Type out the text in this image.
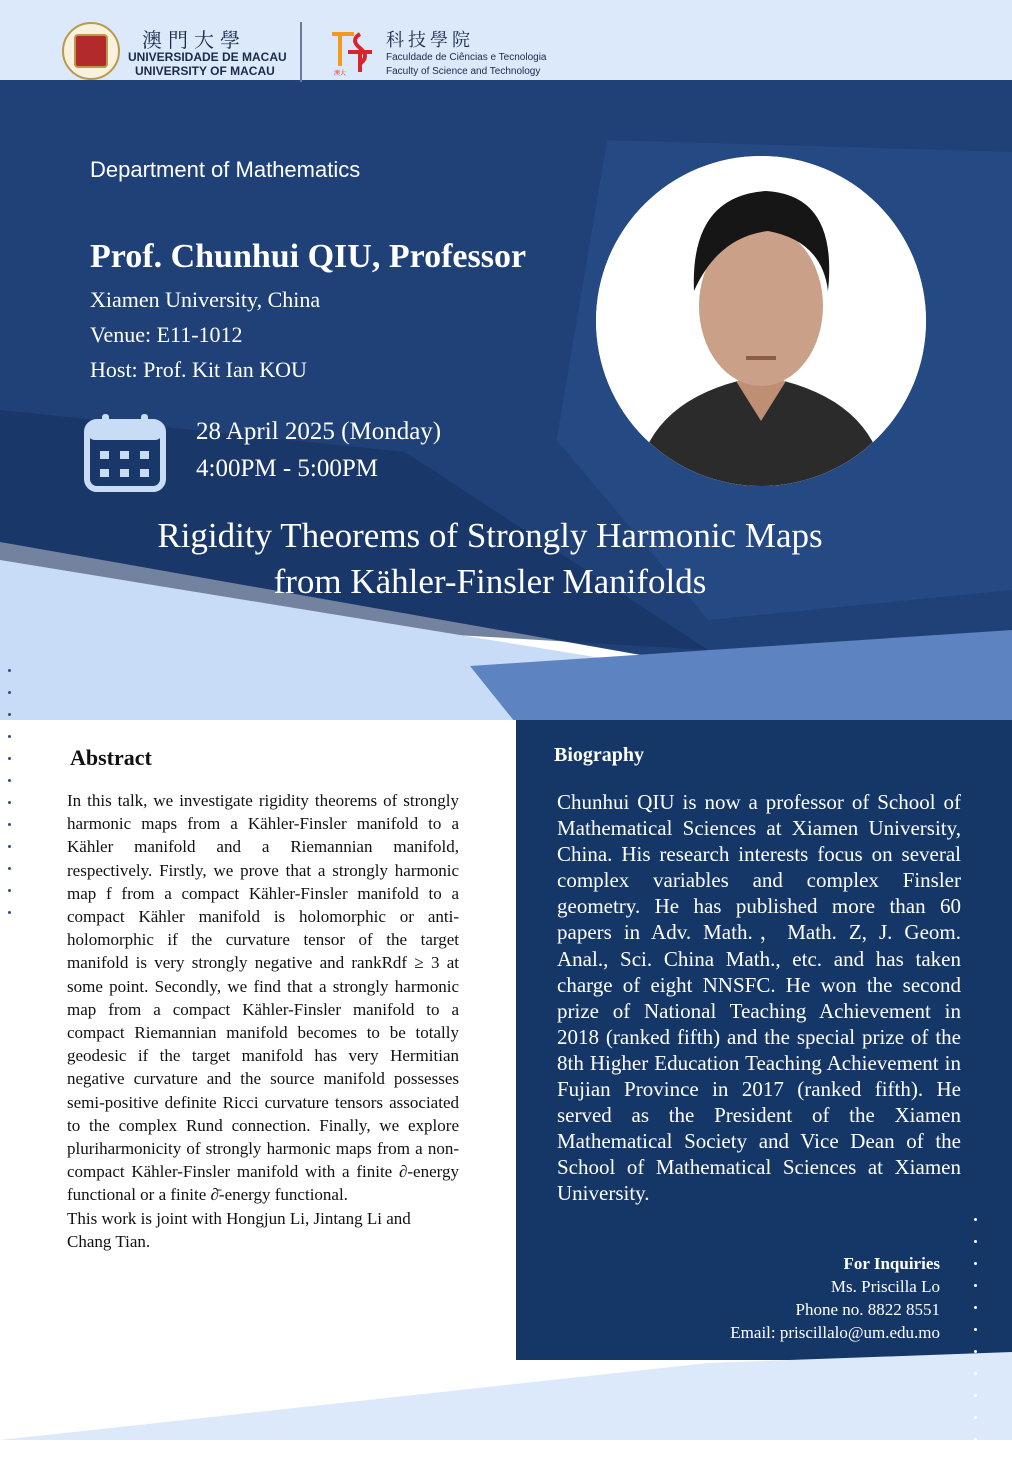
澳門大學
UNIVERSIDADE DE MACAU
UNIVERSITY OF MACAU	澳大
科技學院
Faculdade de Ciências e Tecnologia
Faculty of Science and Technology
Department of Mathematics
Prof. Chunhui QIU, Professor
Xiamen University, China
Venue: E11-1012
Host: Prof. Kit Ian KOU
28 April 2025 (Monday)
4:00PM - 5:00PM
Rigidity Theorems of Strongly Harmonic Maps
from Kähler-Finsler Manifolds
Abstract

In this talk, we investigate rigidity theorems of strongly harmonic maps from a Kähler-Finsler manifold to a Kähler manifold and a Riemannian manifold, respectively. Firstly, we prove that a strongly harmonic map f from a compact Kähler-Finsler manifold to a compact Kähler manifold is holomorphic or anti-holomorphic if the curvature tensor of the target manifold is very strongly negative and rankRdf ≥ 3 at some point. Secondly, we find that a strongly harmonic map from a compact Kähler-Finsler manifold to a compact Riemannian manifold becomes to be totally geodesic if the target manifold has very Hermitian negative curvature and the source manifold possesses semi-positive definite Ricci curvature tensors associated to the complex Rund connection. Finally, we explore pluriharmonicity of strongly harmonic maps from a non-compact Kähler-Finsler manifold with a finite ∂-energy functional or a finite ∂̄-energy functional.

This work is joint with Hongjun Li, Jintang Li and Chang Tian.

Biography
Chunhui QIU is now a professor of School of Mathematical Sciences at Xiamen University, China. His research interests focus on several complex variables and complex Finsler geometry. He has published more than 60 papers in Adv. Math.，Math. Z, J. Geom. Anal., Sci. China Math., etc. and has taken charge of eight NNSFC. He won the second prize of National Teaching Achievement in 2018 (ranked fifth) and the special prize of the 8th Higher Education Teaching Achievement in Fujian Province in 2017 (ranked fifth). He served as the President of the Xiamen Mathematical Society and Vice Dean of the School of Mathematical Sciences at Xiamen University.
For Inquiries
Ms. Priscilla Lo
Phone no. 8822 8551
Email: priscillalo@um.edu.mo
